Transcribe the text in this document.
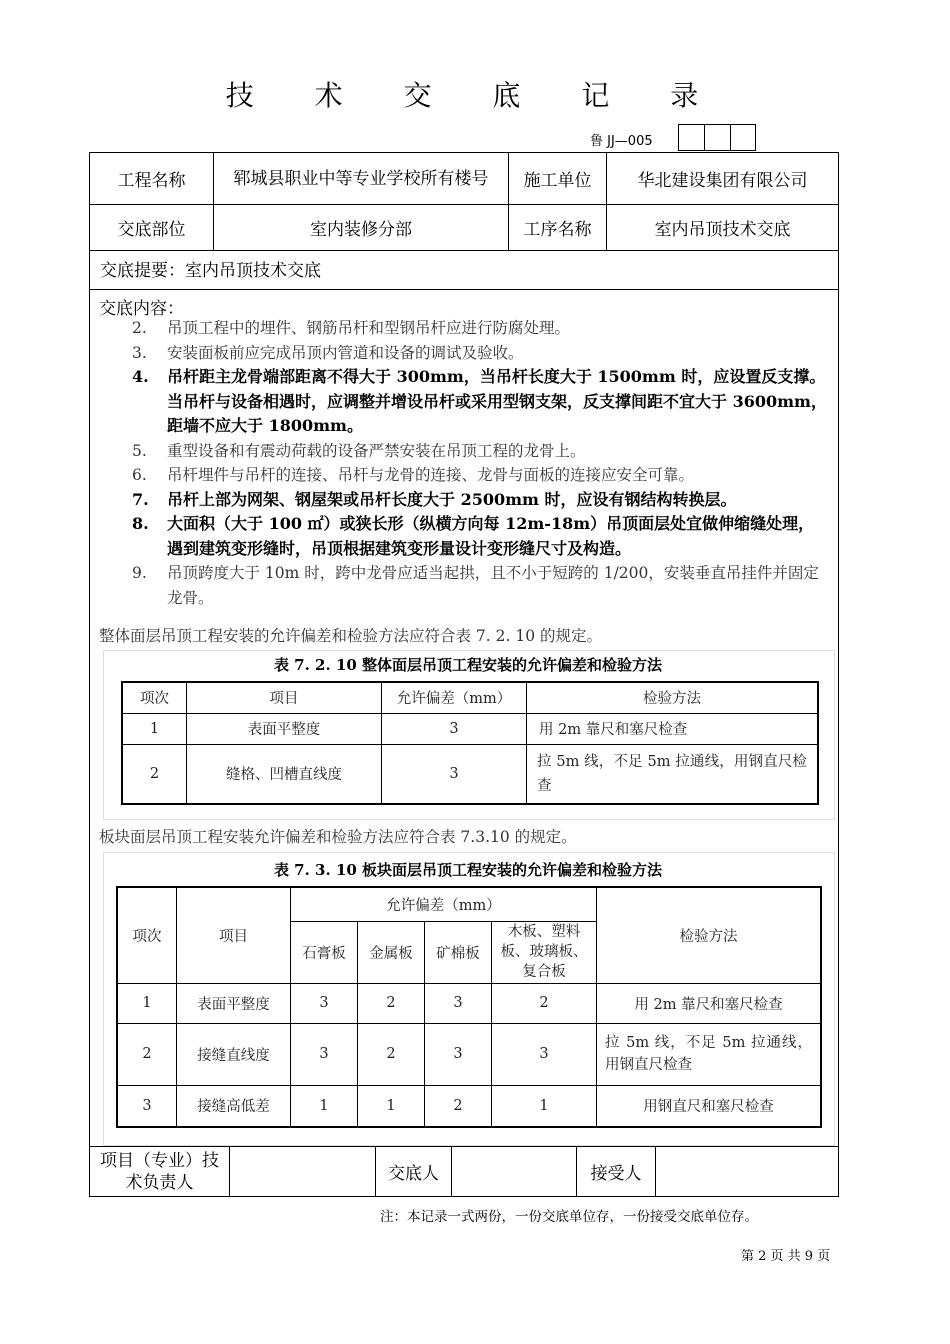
技 术 交 底 记 录
鲁 JJ—005
工程名称	郓城县职业中等专业学校所有楼号	施工单位	华北建设集团有限公司
交底部位	室内装修分部	工序名称	室内吊顶技术交底
交底提要：室内吊顶技术交底
交底内容：
2. 吊顶工程中的埋件、钢筋吊杆和型钢吊杆应进行防腐处理。
3. 安装面板前应完成吊顶内管道和设备的调试及验收。
4. 吊杆距主龙骨端部距离不得大于 300mm，当吊杆长度大于 1500mm 时，应设置反支撑。当吊杆与设备相遇时，应调整并增设吊杆或采用型钢支架，反支撑间距不宜大于 3600mm，距墙不应大于 1800mm。
5. 重型设备和有震动荷载的设备严禁安装在吊顶工程的龙骨上。
6. 吊杆埋件与吊杆的连接、吊杆与龙骨的连接、龙骨与面板的连接应安全可靠。
7. 吊杆上部为网架、钢屋架或吊杆长度大于 2500mm 时，应设有钢结构转换层。
8. 大面积（大于 100 ㎡）或狭长形（纵横方向每 12m-18m）吊顶面层处宜做伸缩缝处理，遇到建筑变形缝时，吊顶根据建筑变形量设计变形缝尺寸及构造。
9. 吊顶跨度大于 10m 时，跨中龙骨应适当起拱，且不小于短跨的 1/200，安装垂直吊挂件并固定龙骨。
整体面层吊顶工程安装的允许偏差和检验方法应符合表 7. 2. 10 的规定。
表 7. 2. 10 整体面层吊顶工程安装的允许偏差和检验方法
项次	项目	允许偏差（mm）	检验方法
1	表面平整度	3	用 2m 靠尺和塞尺检查
2	缝格、凹槽直线度	3	拉 5m 线，不足 5m 拉通线，用钢直尺检查
板块面层吊顶工程安装允许偏差和检验方法应符合表 7.3.10 的规定。
表 7. 3. 10 板块面层吊顶工程安装的允许偏差和检验方法
项次	项目	允许偏差（mm）				检验方法
		石膏板	金属板	矿棉板	木板、塑料板、玻璃板、复合板	
1	表面平整度	3	2	3	2	用 2m 靠尺和塞尺检查
2	接缝直线度	3	2	3	3	拉 5m 线，不足 5m 拉通线，用钢直尺检查
3	接缝高低差	1	1	2	1	用钢直尺和塞尺检查
项目（专业）技术负责人		交底人		接受人	
注：本记录一式两份，一份交底单位存，一份接受交底单位存。
第 2 页 共 9 页
